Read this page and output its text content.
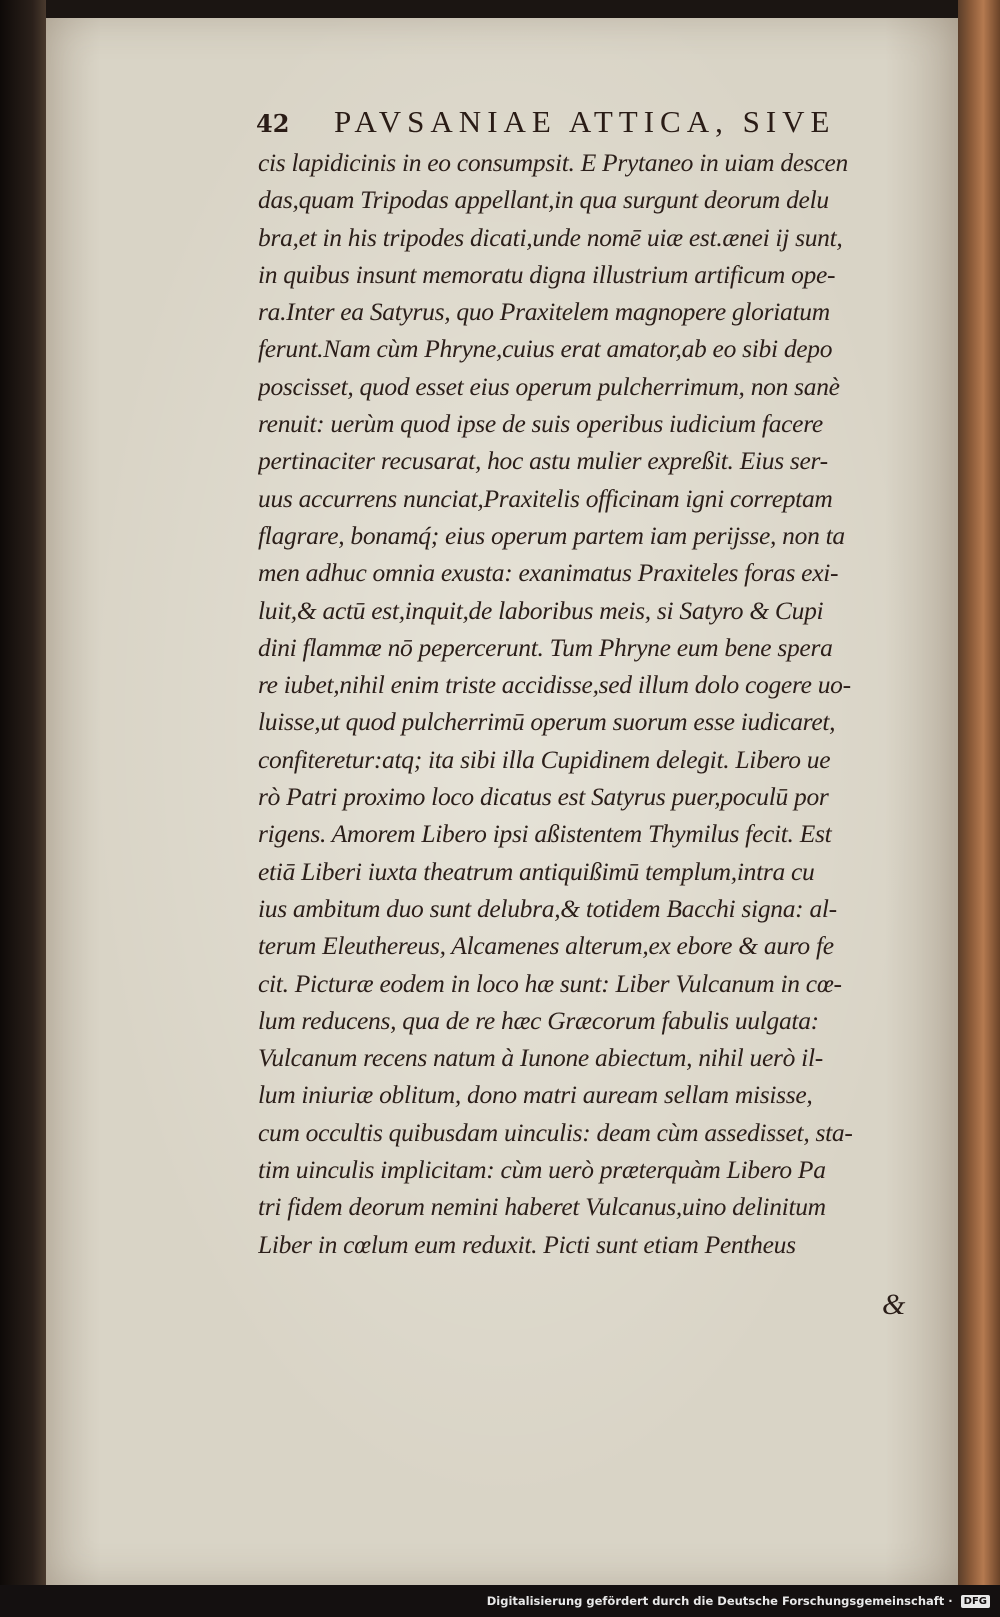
42	PAVSANIAE ATTICA, SIVE
cis lapidicinis in eo consumpsit. E Prytaneo in uiam descen
das,quam Tripodas appellant,in qua surgunt deorum delu
bra,et in his tripodes dicati,unde nomē uiæ est.ænei ij sunt,
in quibus insunt memoratu digna illustrium artificum ope-
ra.Inter ea Satyrus, quo Praxitelem magnopere gloriatum
ferunt.Nam cùm Phryne,cuius erat amator,ab eo sibi depo
poscisset, quod esset eius operum pulcherrimum, non sanè
renuit: uerùm quod ipse de suis operibus iudicium facere
pertinaciter recusarat, hoc astu mulier expreßit. Eius ser-
uus accurrens nunciat,Praxitelis officinam igni correptam
flagrare, bonamq́; eius operum partem iam perijsse, non ta
men adhuc omnia exusta: exanimatus Praxiteles foras exi-
luit,& actū est,inquit,de laboribus meis, si Satyro & Cupi
dini flammæ nō pepercerunt. Tum Phryne eum bene spera
re iubet,nihil enim triste accidisse,sed illum dolo cogere uo-
luisse,ut quod pulcherrimū operum suorum esse iudicaret,
confiteretur:atq; ita sibi illa Cupidinem delegit. Libero ue
rò Patri proximo loco dicatus est Satyrus puer,poculū por
rigens. Amorem Libero ipsi aßistentem Thymilus fecit. Est
etiā Liberi iuxta theatrum antiquißimū templum,intra cu
ius ambitum duo sunt delubra,& totidem Bacchi signa: al-
terum Eleuthereus, Alcamenes alterum,ex ebore & auro fe
cit. Picturæ eodem in loco hæ sunt: Liber Vulcanum in cœ-
lum reducens, qua de re hæc Græcorum fabulis uulgata:
Vulcanum recens natum à Iunone abiectum, nihil uerò il-
lum iniuriæ oblitum, dono matri auream sellam misisse,
cum occultis quibusdam uinculis: deam cùm assedisset, sta-
tim uinculis implicitam: cùm uerò præterquàm Libero Pa
tri fidem deorum nemini haberet Vulcanus,uino delinitum
Liber in cœlum eum reduxit. Picti sunt etiam Pentheus
&
Digitalisierung gefördert durch die Deutsche Forschungsgemeinschaft ·	DFG
